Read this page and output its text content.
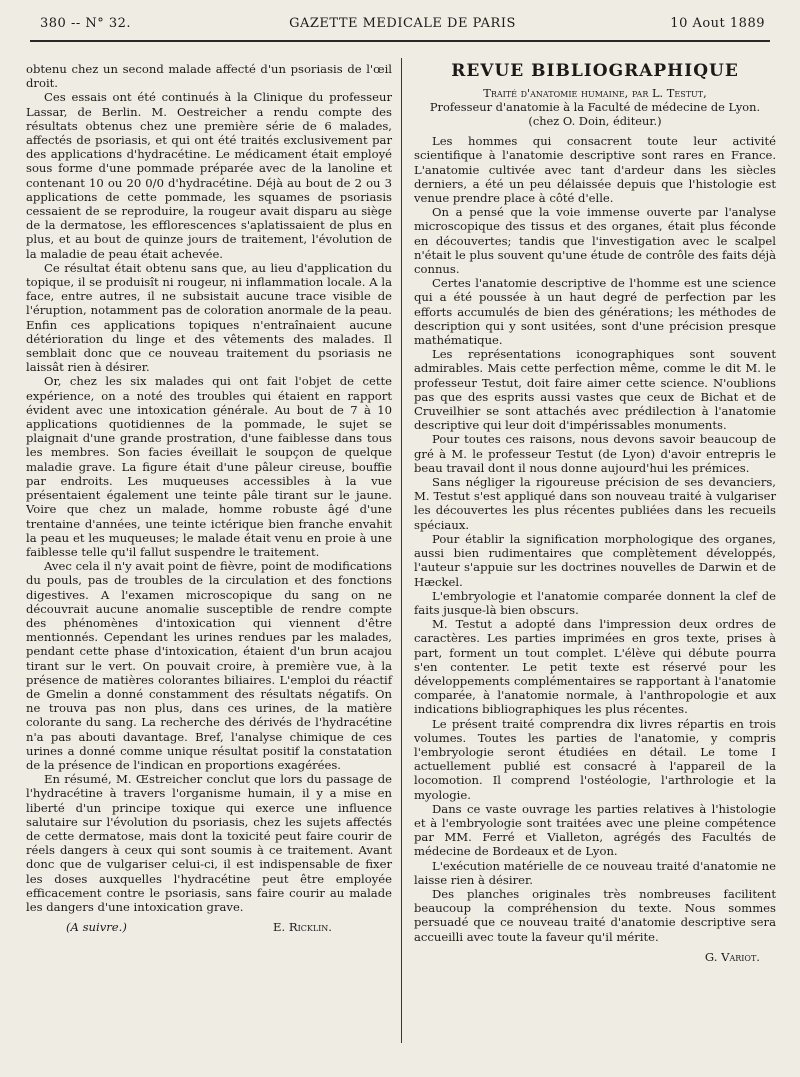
380 -- N° 32.	GAZETTE MEDICALE DE PARIS	10 Aout 1889

obtenu chez un second malade affecté d'un psoriasis de l'œil droit.

Ces essais ont été continués à la Clinique du professeur Lassar, de Berlin. M. Oestreicher a rendu compte des résultats obtenus chez une première série de 6 malades, affectés de psoriasis, et qui ont été traités exclusivement par des applications d'hydracétine. Le médicament était employé sous forme d'une pommade préparée avec de la lanoline et contenant 10 ou 20 0/0 d'hydracétine. Déjà au bout de 2 ou 3 applications de cette pommade, les squames de psoriasis cessaient de se reproduire, la rougeur avait disparu au siège de la dermatose, les efflorescences s'aplatissaient de plus en plus, et au bout de quinze jours de traitement, l'évolution de la maladie de peau était achevée.

Ce résultat était obtenu sans que, au lieu d'application du topique, il se produisît ni rougeur, ni inflammation locale. A la face, entre autres, il ne subsistait aucune trace visible de l'éruption, notamment pas de coloration anormale de la peau. Enfin ces applications topiques n'entraînaient aucune détérioration du linge et des vêtements des malades. Il semblait donc que ce nouveau traitement du psoriasis ne laissât rien à désirer.

Or, chez les six malades qui ont fait l'objet de cette expérience, on a noté des troubles qui étaient en rapport évident avec une intoxication générale. Au bout de 7 à 10 applications quotidiennes de la pommade, le sujet se plaignait d'une grande prostration, d'une faiblesse dans tous les membres. Son facies éveillait le soupçon de quelque maladie grave. La figure était d'une pâleur cireuse, bouffie par endroits. Les muqueuses accessibles à la vue présentaient également une teinte pâle tirant sur le jaune. Voire que chez un malade, homme robuste âgé d'une trentaine d'années, une teinte ictérique bien franche envahit la peau et les muqueuses; le malade était venu en proie à une faiblesse telle qu'il fallut suspendre le traitement.

Avec cela il n'y avait point de fièvre, point de modifications du pouls, pas de troubles de la circulation et des fonctions digestives. A l'examen microscopique du sang on ne découvrait aucune anomalie susceptible de rendre compte des phénomènes d'intoxication qui viennent d'être mentionnés. Cependant les urines rendues par les malades, pendant cette phase d'intoxication, étaient d'un brun acajou tirant sur le vert. On pouvait croire, à première vue, à la présence de matières colorantes biliaires. L'emploi du réactif de Gmelin a donné constamment des résultats négatifs. On ne trouva pas non plus, dans ces urines, de la matière colorante du sang. La recherche des dérivés de l'hydracétine n'a pas abouti davantage. Bref, l'analyse chimique de ces urines a donné comme unique résultat positif la constatation de la présence de l'indican en proportions exagérées.

En résumé, M. Œstreicher conclut que lors du passage de l'hydracétine à travers l'organisme humain, il y a mise en liberté d'un principe toxique qui exerce une influence salutaire sur l'évolution du psoriasis, chez les sujets affectés de cette dermatose, mais dont la toxicité peut faire courir de réels dangers à ceux qui sont soumis à ce traitement. Avant donc que de vulgariser celui-ci, il est indispensable de fixer les doses auxquelles l'hydracétine peut être employée efficacement contre le psoriasis, sans faire courir au malade les dangers d'une intoxication grave.

(A suivre.)	E. Ricklin.
REVUE BIBLIOGRAPHIQUE
Traité d'anatomie humaine, par L. Testut,
Professeur d'anatomie à la Faculté de médecine de Lyon.
(chez O. Doin, éditeur.)

Les hommes qui consacrent toute leur activité scientifique à l'anatomie descriptive sont rares en France. L'anatomie cultivée avec tant d'ardeur dans les siècles derniers, a été un peu délaissée depuis que l'histologie est venue prendre place à côté d'elle.

On a pensé que la voie immense ouverte par l'analyse microscopique des tissus et des organes, était plus féconde en découvertes; tandis que l'investigation avec le scalpel n'était le plus souvent qu'une étude de contrôle des faits déjà connus.

Certes l'anatomie descriptive de l'homme est une science qui a été poussée à un haut degré de perfection par les efforts accumulés de bien des générations; les méthodes de description qui y sont usitées, sont d'une précision presque mathématique.

Les représentations iconographiques sont souvent admirables. Mais cette perfection même, comme le dit M. le professeur Testut, doit faire aimer cette science. N'oublions pas que des esprits aussi vastes que ceux de Bichat et de Cruveilhier se sont attachés avec prédilection à l'anatomie descriptive qui leur doit d'impérissables monuments.

Pour toutes ces raisons, nous devons savoir beaucoup de gré à M. le professeur Testut (de Lyon) d'avoir entrepris le beau travail dont il nous donne aujourd'hui les prémices.

Sans négliger la rigoureuse précision de ses devanciers, M. Testut s'est appliqué dans son nouveau traité à vulgariser les découvertes les plus récentes publiées dans les recueils spéciaux.

Pour établir la signification morphologique des organes, aussi bien rudimentaires que complètement développés, l'auteur s'appuie sur les doctrines nouvelles de Darwin et de Hæckel.

L'embryologie et l'anatomie comparée donnent la clef de faits jusque-là bien obscurs.

M. Testut a adopté dans l'impression deux ordres de caractères. Les parties imprimées en gros texte, prises à part, forment un tout complet. L'élève qui débute pourra s'en contenter. Le petit texte est réservé pour les développements complémentaires se rapportant à l'anatomie comparée, à l'anatomie normale, à l'anthropologie et aux indications bibliographiques les plus récentes.

Le présent traité comprendra dix livres répartis en trois volumes. Toutes les parties de l'anatomie, y compris l'embryologie seront étudiées en détail. Le tome I actuellement publié est consacré à l'appareil de la locomotion. Il comprend l'ostéologie, l'arthrologie et la myologie.

Dans ce vaste ouvrage les parties relatives à l'histologie et à l'embryologie sont traitées avec une pleine compétence par MM. Ferré et Vialleton, agrégés des Facultés de médecine de Bordeaux et de Lyon.

L'exécution matérielle de ce nouveau traité d'anatomie ne laisse rien à désirer.

Des planches originales très nombreuses facilitent beaucoup la compréhension du texte. Nous sommes persuadé que ce nouveau traité d'anatomie descriptive sera accueilli avec toute la faveur qu'il mérite.

G. Variot.
